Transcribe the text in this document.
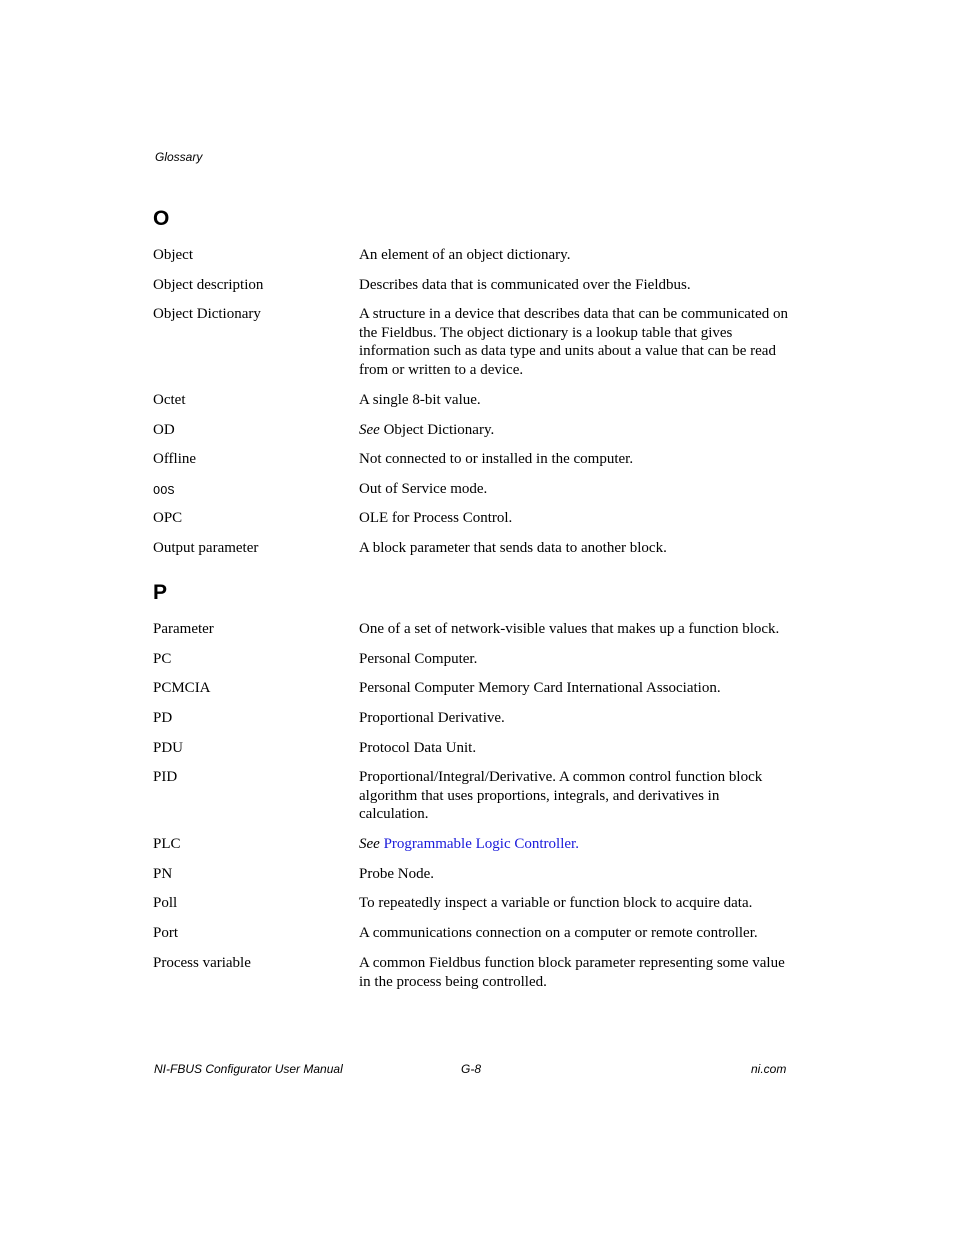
Glossary
O
Object	An element of an object dictionary.
Object description	Describes data that is communicated over the Fieldbus.
Object Dictionary	A structure in a device that describes data that can be communicated on the Fieldbus. The object dictionary is a lookup table that gives information such as data type and units about a value that can be read from or written to a device.
Octet	A single 8-bit value.
OD	See Object Dictionary.
Offline	Not connected to or installed in the computer.
OOS	Out of Service mode.
OPC	OLE for Process Control.
Output parameter	A block parameter that sends data to another block.
P
Parameter	One of a set of network-visible values that makes up a function block.
PC	Personal Computer.
PCMCIA	Personal Computer Memory Card International Association.
PD	Proportional Derivative.
PDU	Protocol Data Unit.
PID	Proportional/Integral/Derivative. A common control function block algorithm that uses proportions, integrals, and derivatives in calculation.
PLC	See Programmable Logic Controller.
PN	Probe Node.
Poll	To repeatedly inspect a variable or function block to acquire data.
Port	A communications connection on a computer or remote controller.
Process variable	A common Fieldbus function block parameter representing some value in the process being controlled.
NI-FBUS Configurator User Manual	G-8	ni.com
